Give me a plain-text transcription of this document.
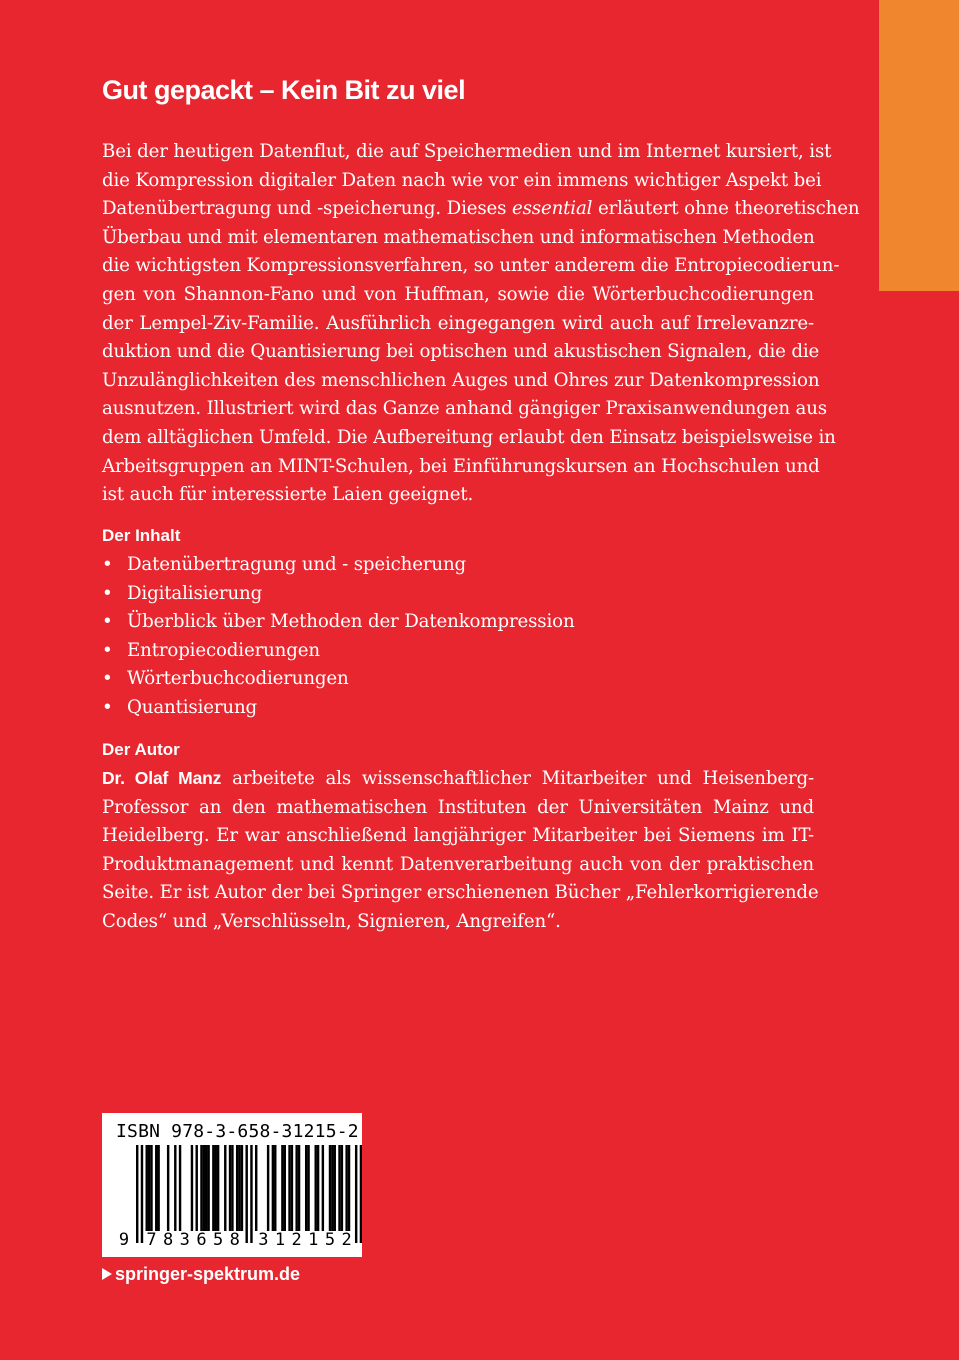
Gut gepackt – Kein Bit zu viel
Bei der heutigen Datenflut, die auf Speichermedien und im Internet kursiert, ist
die Kompression digitaler Daten nach wie vor ein immens wichtiger Aspekt bei
Datenübertragung und -speicherung. Dieses essential erläutert ohne theoretischen
Überbau und mit elementaren mathematischen und informatischen Methoden
die wichtigsten Kompressionsverfahren, so unter anderem die Entropiecodierun-
gen von Shannon-Fano und von Huffman, sowie die Wörterbuchcodierungen
der Lempel-Ziv-Familie. Ausführlich eingegangen wird auch auf Irrelevanzre-
duktion und die Quantisierung bei optischen und akustischen Signalen, die die
Unzulänglichkeiten des menschlichen Auges und Ohres zur Datenkompression
ausnutzen. Illustriert wird das Ganze anhand gängiger Praxisanwendungen aus
dem alltäglichen Umfeld. Die Aufbereitung erlaubt den Einsatz beispielsweise in
Arbeitsgruppen an MINT-Schulen, bei Einführungskursen an Hochschulen und
ist auch für interessierte Laien geeignet.
Der Inhalt
• Datenübertragung und - speicherung
• Digitalisierung
• Überblick über Methoden der Datenkompression
• Entropiecodierungen
• Wörterbuchcodierungen
• Quantisierung
Der Autor
Dr. Olaf Manz arbeitete als wissenschaftlicher Mitarbeiter und Heisenberg-
Professor an den mathematischen Instituten der Universitäten Mainz und
Heidelberg. Er war anschließend langjähriger Mitarbeiter bei Siemens im IT-
Produktmanagement und kennt Datenverarbeitung auch von der praktischen
Seite. Er ist Autor der bei Springer erschienenen Bücher „Fehlerkorrigierende
Codes“ und „Verschlüsseln, Signieren, Angreifen“.
ISBN 978-3-658-31215-2
9 7 8 3 6 5 8 3 1 2 1 5 2
springer-spektrum.de
